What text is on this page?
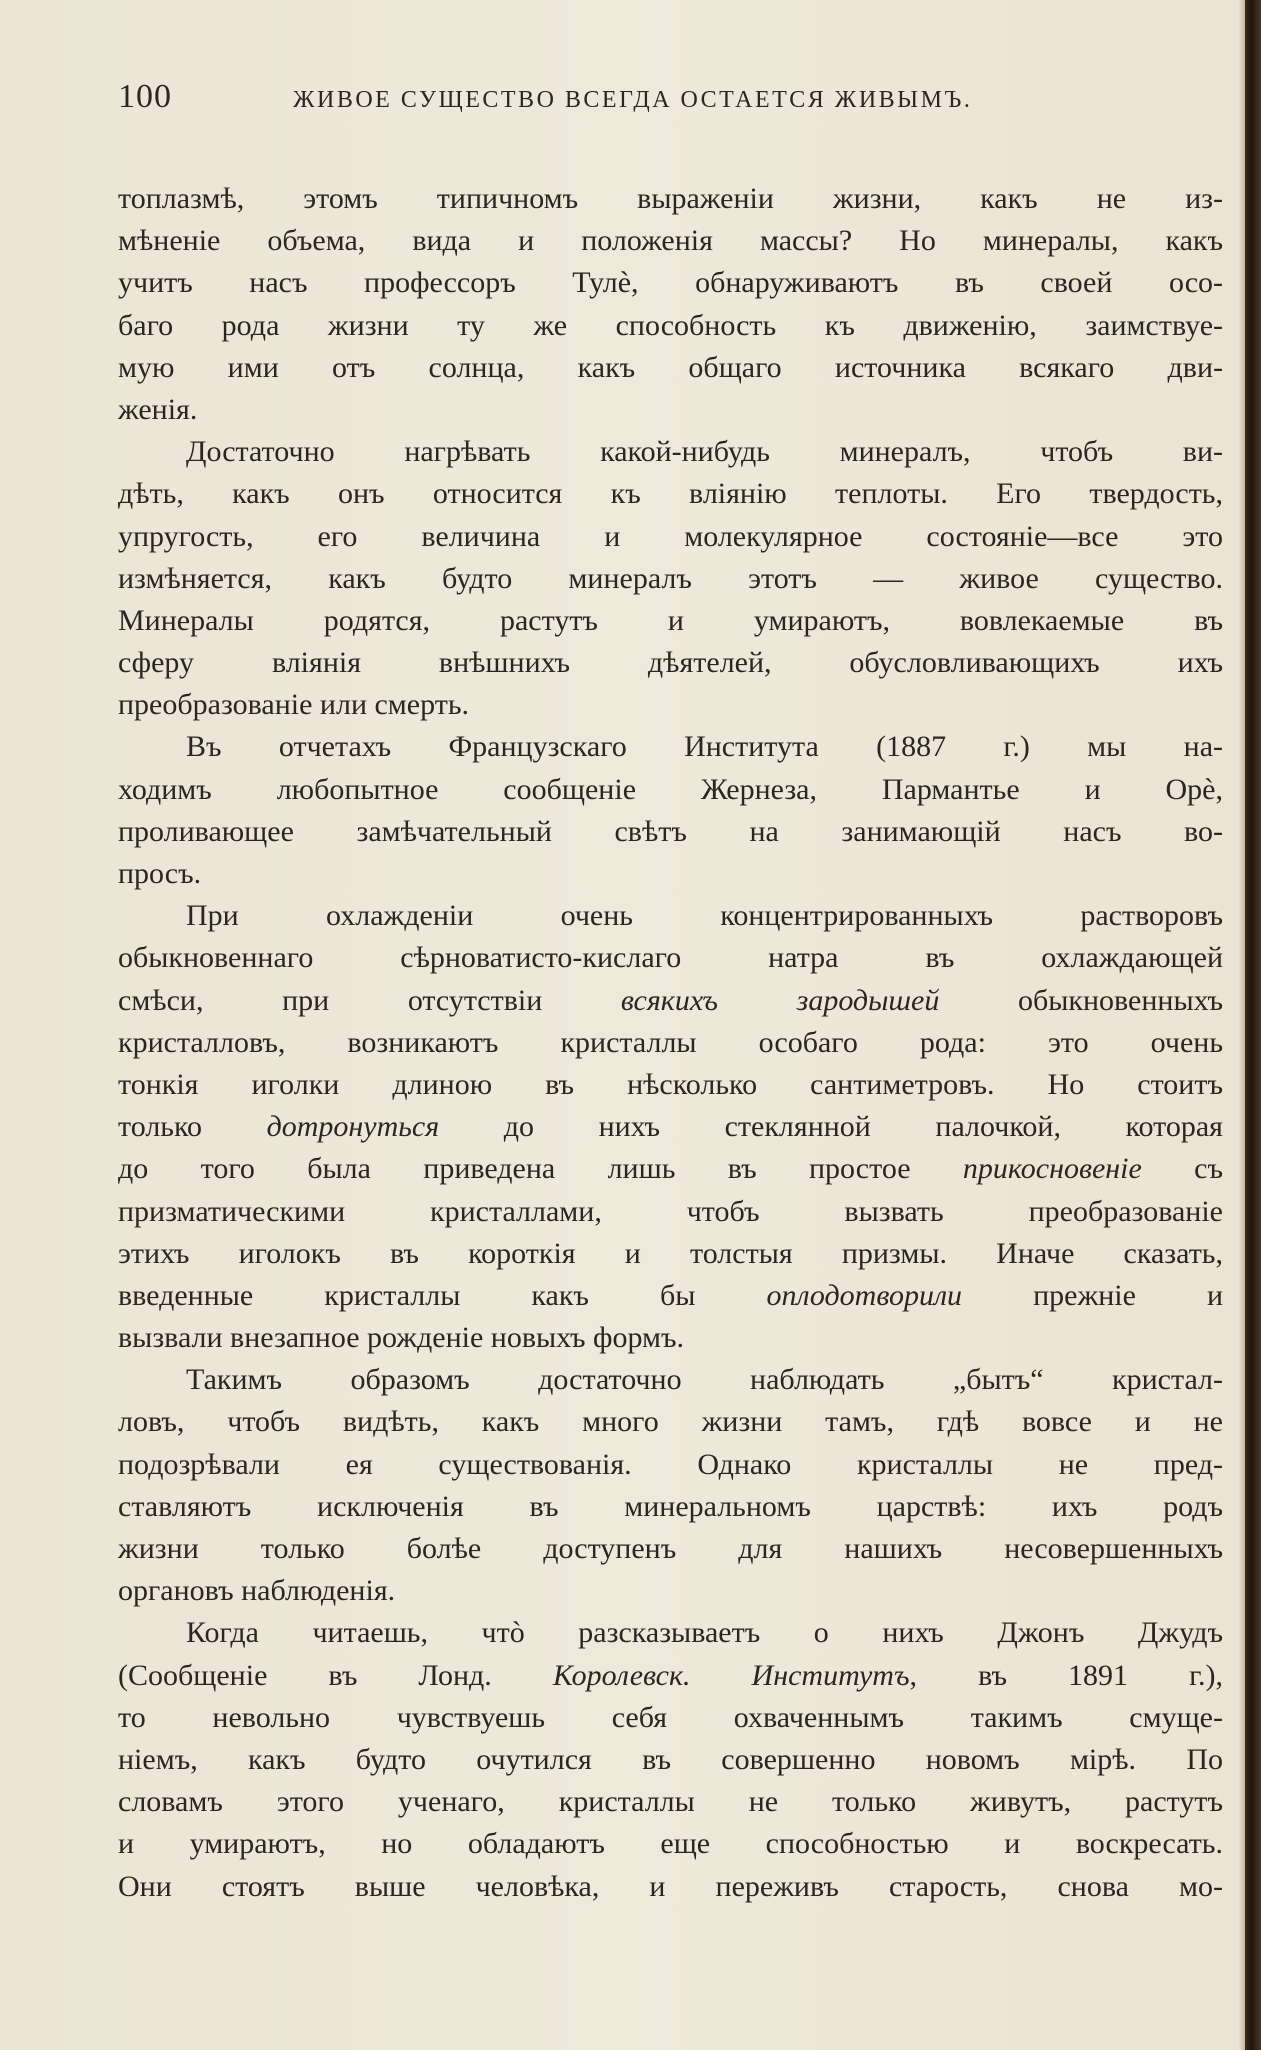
100	ЖИВОЕ СУЩЕСТВО ВСЕГДА ОСТАЕТСЯ ЖИВЫМЪ.
топлазмѣ, этомъ типичномъ выраженіи жизни, какъ не из-
мѣненіе объема, вида и положенія массы? Но минералы, какъ
учитъ насъ профессоръ Тулѐ, обнаруживаютъ въ своей осо-
баго рода жизни ту же способность къ движенію, заимствуе-
мую ими отъ солнца, какъ общаго источника всякаго дви-
женія.
Достаточно нагрѣвать какой-нибудь минералъ, чтобъ ви-
дѣть, какъ онъ относится къ вліянію теплоты. Его твердость,
упругость, его величина и молекулярное состояніе—все это
измѣняется, какъ будто минералъ этотъ — живое существо.
Минералы родятся, растутъ и умираютъ, вовлекаемые въ
сферу вліянія внѣшнихъ дѣятелей, обусловливающихъ ихъ
преобразованіе или смерть.
Въ отчетахъ Французскаго Института (1887 г.) мы на-
ходимъ любопытное сообщеніе Жернеза, Пармантье и Орѐ,
проливающее замѣчательный свѣтъ на занимающій насъ во-
просъ.
При охлажденіи очень концентрированныхъ растворовъ
обыкновеннаго сѣрноватисто-кислаго натра въ охлаждающей
смѣси, при отсутствіи всякихъ зародышей обыкновенныхъ
кристалловъ, возникаютъ кристаллы особаго рода: это очень
тонкія иголки длиною въ нѣсколько сантиметровъ. Но стоитъ
только дотронуться до нихъ стеклянной палочкой, которая
до того была приведена лишь въ простое прикосновеніе съ
призматическими кристаллами, чтобъ вызвать преобразованіе
этихъ иголокъ въ короткія и толстыя призмы. Иначе сказать,
введенные кристаллы какъ бы оплодотворили прежніе и
вызвали внезапное рожденіе новыхъ формъ.
Такимъ образомъ достаточно наблюдать „бытъ“ кристал-
ловъ, чтобъ видѣть, какъ много жизни тамъ, гдѣ вовсе и не
подозрѣвали ея существованія. Однако кристаллы не пред-
ставляютъ исключенія въ минеральномъ царствѣ: ихъ родъ
жизни только болѣе доступенъ для нашихъ несовершенныхъ
органовъ наблюденія.
Когда читаешь, чтò разсказываетъ о нихъ Джонъ Джудъ
(Сообщеніе въ Лонд. Королевск. Институтъ, въ 1891 г.),
то невольно чувствуешь себя охваченнымъ такимъ смуще-
ніемъ, какъ будто очутился въ совершенно новомъ мірѣ. По
словамъ этого ученаго, кристаллы не только живутъ, растутъ
и умираютъ, но обладаютъ еще способностью и воскресать.
Они стоятъ выше человѣка, и переживъ старость, снова мо-
